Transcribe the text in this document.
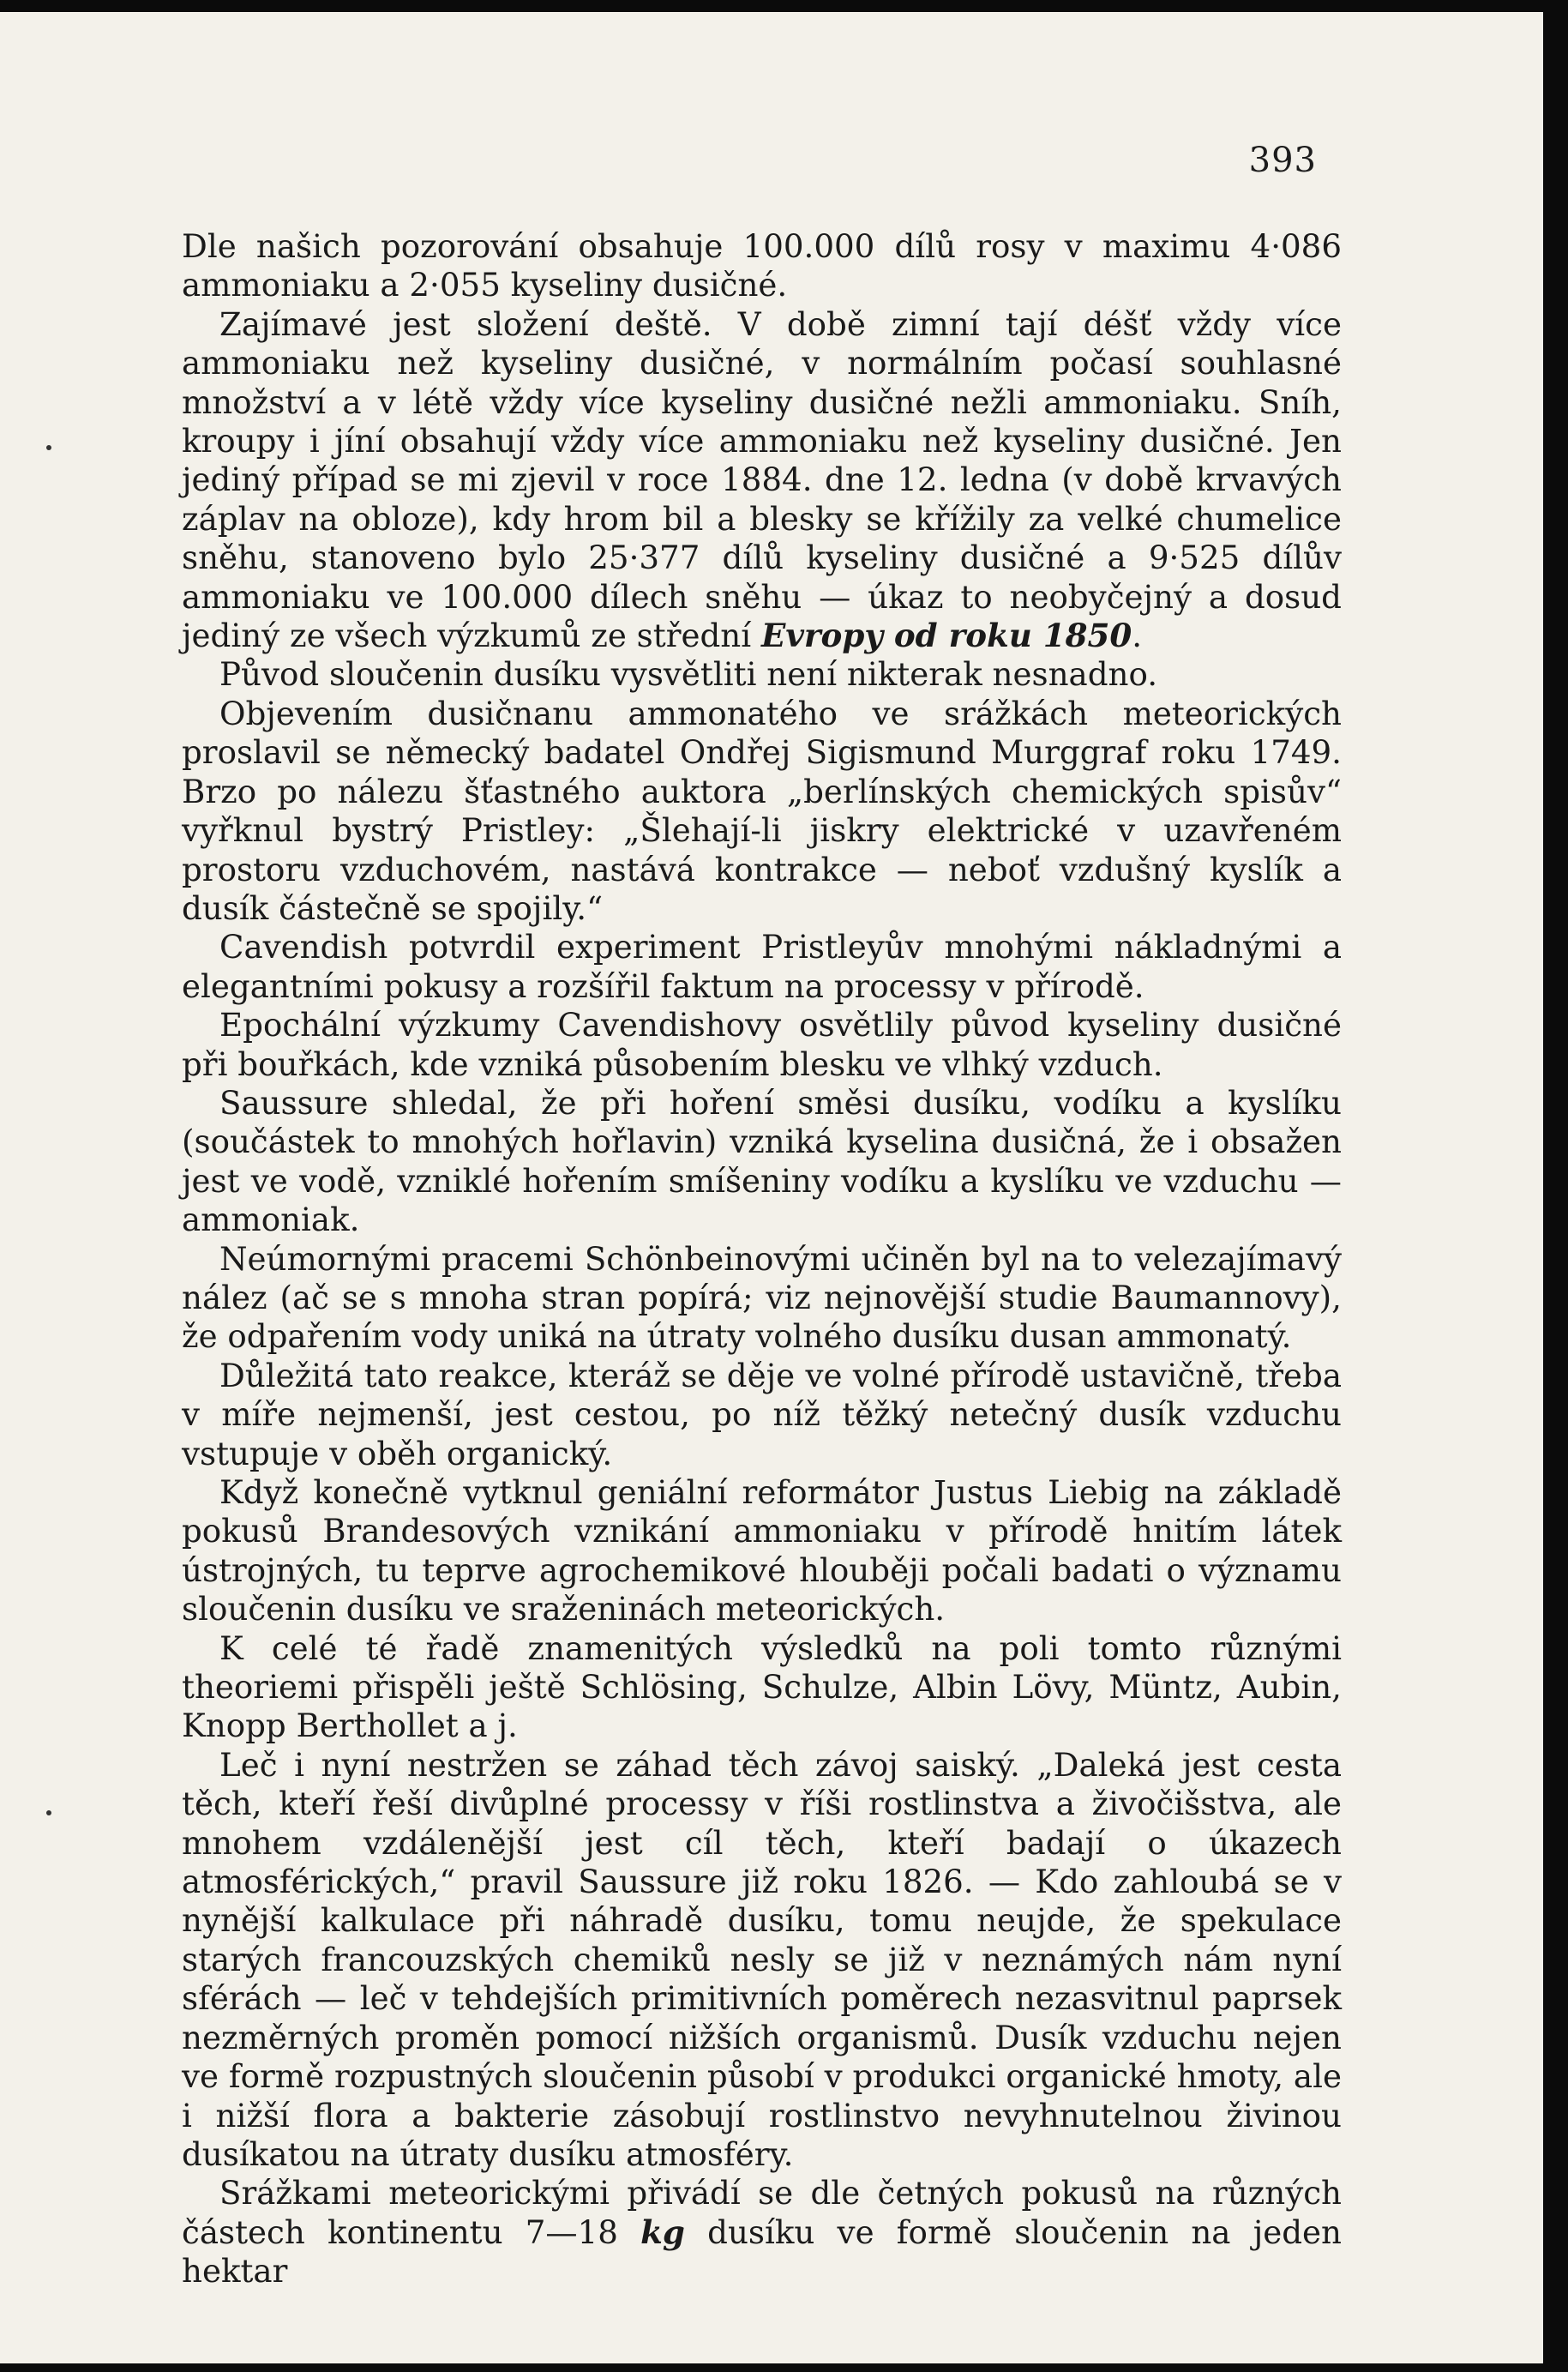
393

Dle našich pozorování obsahuje 100.000 dílů rosy v maximu 4·086 ammoniaku a 2·055 kyseliny dusičné.

Zajímavé jest složení deště. V době zimní tají déšť vždy více ammoniaku než kyseliny dusičné, v normálním počasí souhlasné množství a v létě vždy více kyseliny dusičné nežli ammoniaku. Sníh, kroupy i jíní obsahují vždy více ammoniaku než kyseliny dusičné. Jen jediný případ se mi zjevil v roce 1884. dne 12. ledna (v době krvavých záplav na obloze), kdy hrom bil a blesky se křížily za velké chumelice sněhu, stanoveno bylo 25·377 dílů kyseliny dusičné a 9·525 dílův ammoniaku ve 100.000 dílech sněhu — úkaz to neobyčejný a dosud jediný ze všech výzkumů ze střední Evropy od roku 1850.

Původ sloučenin dusíku vysvětliti není nikterak nesnadno.

Objevením dusičnanu ammonatého ve srážkách meteorických proslavil se německý badatel Ondřej Sigismund Murggraf roku 1749. Brzo po nálezu šťastného auktora „berlínských chemických spisův“ vyřknul bystrý Pristley: „Šlehají-li jiskry elektrické v uzavřeném prostoru vzduchovém, nastává kontrakce — neboť vzdušný kyslík a dusík částečně se spojily.“

Cavendish potvrdil experiment Pristleyův mnohými nákladnými a elegantními pokusy a rozšířil faktum na processy v přírodě.

Epochální výzkumy Cavendishovy osvětlily původ kyseliny dusičné při bouřkách, kde vzniká působením blesku ve vlhký vzduch.

Saussure shledal, že při hoření směsi dusíku, vodíku a kyslíku (součástek to mnohých hořlavin) vzniká kyselina dusičná, že i obsažen jest ve vodě, vzniklé hořením smíšeniny vodíku a kyslíku ve vzduchu — ammoniak.

Neúmornými pracemi Schönbeinovými učiněn byl na to velezajímavý nález (ač se s mnoha stran popírá; viz nejnovější studie Baumannovy), že odpařením vody uniká na útraty volného dusíku dusan ammonatý.

Důležitá tato reakce, kteráž se děje ve volné přírodě ustavičně, třeba v míře nejmenší, jest cestou, po níž těžký netečný dusík vzduchu vstupuje v oběh organický.

Když konečně vytknul geniální reformátor Justus Liebig na základě pokusů Brandesových vznikání ammoniaku v přírodě hnitím látek ústrojných, tu teprve agrochemikové hlouběji počali badati o významu sloučenin dusíku ve sraženinách meteorických.

K celé té řadě znamenitých výsledků na poli tomto různými theoriemi přispěli ještě Schlösing, Schulze, Albin Lövy, Müntz, Aubin, Knopp Berthollet a j.

Leč i nyní nestržen se záhad těch závoj saiský. „Daleká jest cesta těch, kteří řeší divůplné processy v říši rostlinstva a živočišstva, ale mnohem vzdálenější jest cíl těch, kteří badají o úkazech atmosférických,“ pravil Saussure již roku 1826. — Kdo zahloubá se v nynější kalkulace při náhradě dusíku, tomu neujde, že spekulace starých francouzských chemiků nesly se již v neznámých nám nyní sférách — leč v tehdejších primitivních poměrech nezasvitnul paprsek nezměrných proměn pomocí nižších organismů. Dusík vzduchu nejen ve formě rozpustných sloučenin působí v produkci organické hmoty, ale i nižší flora a bakterie zásobují rostlinstvo nevyhnutelnou živinou dusíkatou na útraty dusíku atmosféry.

Srážkami meteorickými přivádí se dle četných pokusů na různých částech kontinentu 7—18 kg dusíku ve formě sloučenin na jeden hektar
